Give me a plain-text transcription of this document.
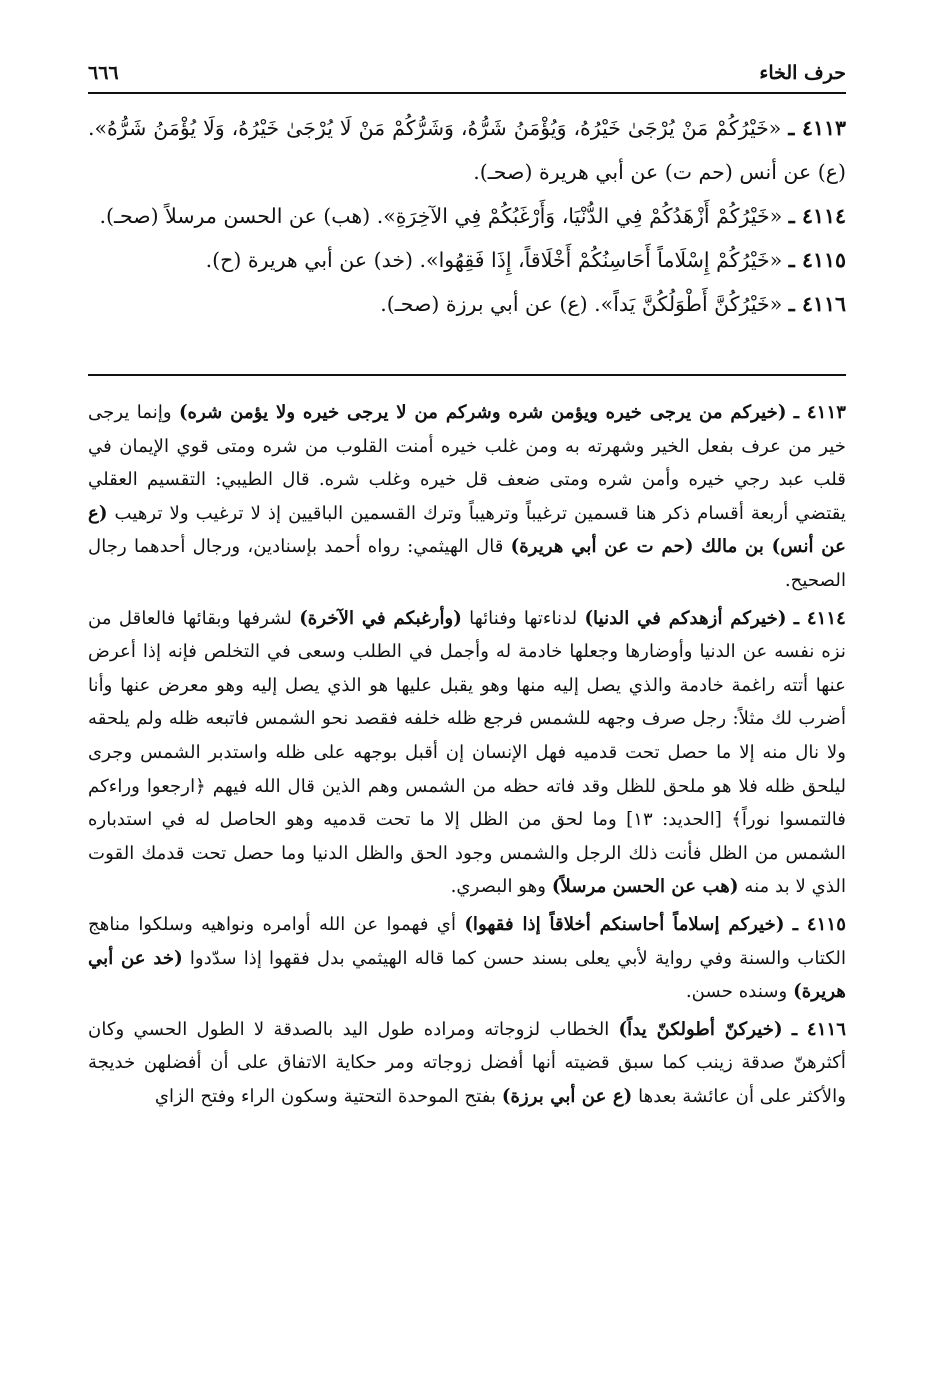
حرف الخاء
٦٦٦

٤١١٣ ـ «خَيْرُكُمْ مَنْ يُرْجَىٰ خَيْرُهُ، وَيُؤْمَنُ شَرُّهُ، وَشَرُّكُمْ مَنْ لَا يُرْجَىٰ خَيْرُهُ، وَلَا يُؤْمَنُ شَرُّهُ». (ع) عن أنس (حم ت) عن أبي هريرة (صحـ).

٤١١٤ ـ «خَيْرُكُمْ أَزْهَدُكُمْ فِي الدُّنْيَا، وَأَرْغَبُكُمْ فِي الآخِرَةِ». (هب) عن الحسن مرسلاً (صحـ).

٤١١٥ ـ «خَيْرُكُمْ إِسْلَاماً أَحَاسِنُكُمْ أَخْلَاقاً، إِذَا فَقِهُوا». (خد) عن أبي هريرة (ح).

٤١١٦ ـ «خَيْرُكُنَّ أَطْوَلُكُنَّ يَداً». (ع) عن أبي برزة (صحـ).

٤١١٣ ـ (خيركم من يرجى خيره ويؤمن شره وشركم من لا يرجى خيره ولا يؤمن شره) وإنما يرجى خير من عرف بفعل الخير وشهرته به ومن غلب خيره أمنت القلوب من شره ومتى قوي الإيمان في قلب عبد رجي خيره وأمن شره ومتى ضعف قل خيره وغلب شره. قال الطيبي: التقسيم العقلي يقتضي أربعة أقسام ذكر هنا قسمين ترغيباً وترهيباً وترك القسمين الباقيين إذ لا ترغيب ولا ترهيب (ع عن أنس) بن مالك (حم ت عن أبي هريرة) قال الهيثمي: رواه أحمد بإسنادين، ورجال أحدهما رجال الصحيح.

٤١١٤ ـ (خيركم أزهدكم في الدنيا) لدناءتها وفنائها (وأرغبكم في الآخرة) لشرفها وبقائها فالعاقل من نزه نفسه عن الدنيا وأوضارها وجعلها خادمة له وأجمل في الطلب وسعى في التخلص فإنه إذا أعرض عنها أتته راغمة خادمة والذي يصل إليه منها وهو يقبل عليها هو الذي يصل إليه وهو معرض عنها وأنا أضرب لك مثلاً: رجل صرف وجهه للشمس فرجع ظله خلفه فقصد نحو الشمس فاتبعه ظله ولم يلحقه ولا نال منه إلا ما حصل تحت قدميه فهل الإنسان إن أقبل بوجهه على ظله واستدبر الشمس وجرى ليلحق ظله فلا هو ملحق للظل وقد فاته حظه من الشمس وهم الذين قال الله فيهم ﴿ارجعوا وراءكم فالتمسوا نوراً﴾ [الحديد: ١٣] وما لحق من الظل إلا ما تحت قدميه وهو الحاصل له في استدباره الشمس من الظل فأنت ذلك الرجل والشمس وجود الحق والظل الدنيا وما حصل تحت قدمك القوت الذي لا بد منه (هب عن الحسن مرسلاً) وهو البصري.

٤١١٥ ـ (خيركم إسلاماً أحاسنكم أخلاقاً إذا فقهوا) أي فهموا عن الله أوامره ونواهيه وسلكوا مناهج الكتاب والسنة وفي رواية لأبي يعلى بسند حسن كما قاله الهيثمي بدل فقهوا إذا سدّدوا (خد عن أبي هريرة) وسنده حسن.

٤١١٦ ـ (خيركنّ أطولكنّ يداً) الخطاب لزوجاته ومراده طول اليد بالصدقة لا الطول الحسي وكان أكثرهنّ صدقة زينب كما سبق قضيته أنها أفضل زوجاته ومر حكاية الاتفاق على أن أفضلهن خديجة والأكثر على أن عائشة بعدها (ع عن أبي برزة) بفتح الموحدة التحتية وسكون الراء وفتح الزاي
